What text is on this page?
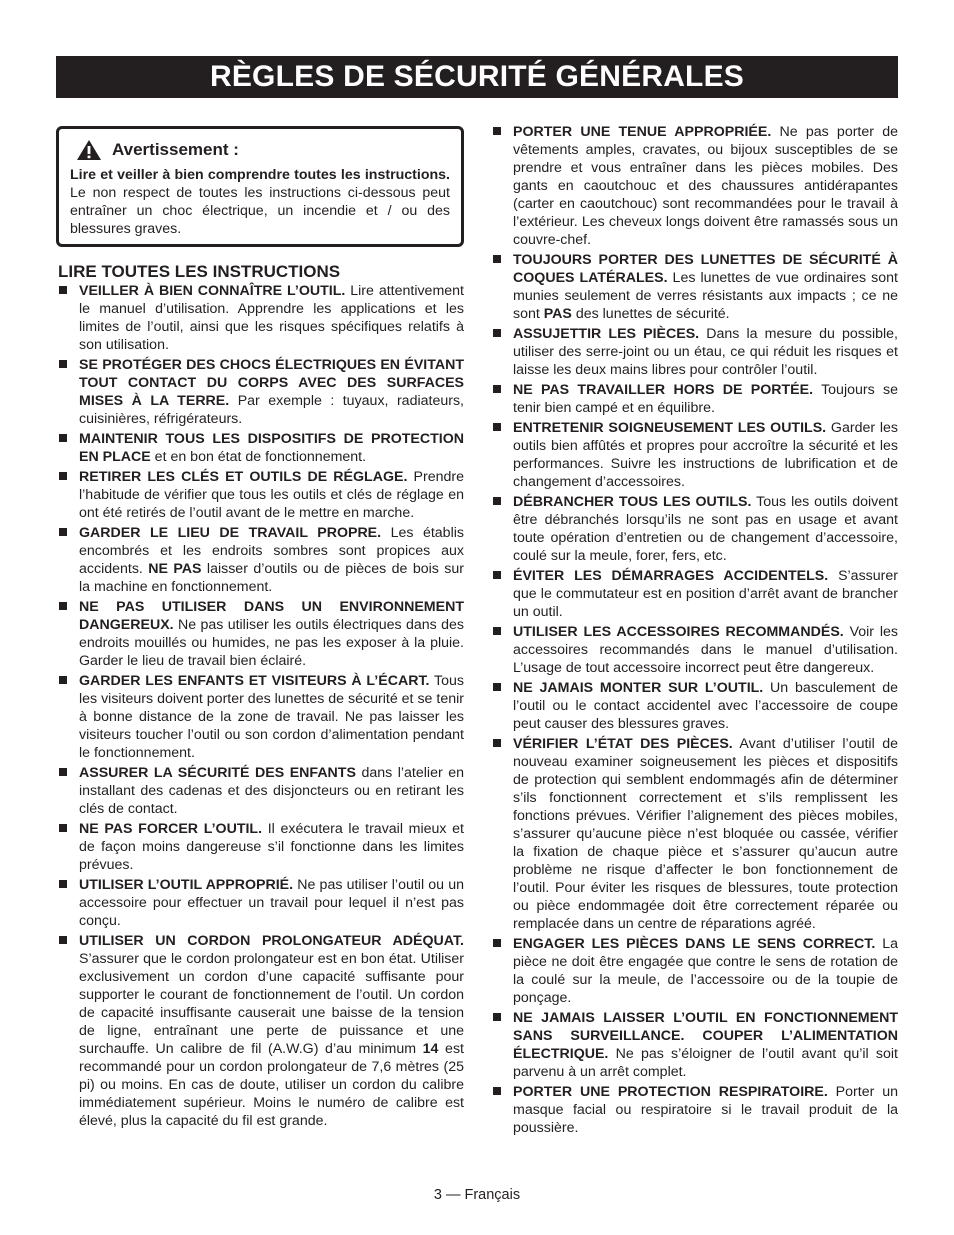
RÈGLES DE SÉCURITÉ GÉNÉRALES
Avertissement :

Lire et veiller à bien comprendre toutes les instructions. Le non respect de toutes les instructions ci-dessous peut entraîner un choc électrique, un incendie et / ou des blessures graves.

LIRE TOUTES LES INSTRUCTIONS
VEILLER À BIEN CONNAÎTRE L’OUTIL. Lire attentivement le manuel d’utilisation. Apprendre les applications et les limites de l’outil, ainsi que les risques spécifiques relatifs à son utilisation.
SE PROTÉGER DES CHOCS ÉLECTRIQUES EN ÉVITANT TOUT CONTACT DU CORPS AVEC DES SURFACES MISES À LA TERRE. Par exemple : tuyaux, radiateurs, cuisinières, réfrigérateurs.
MAINTENIR TOUS LES DISPOSITIFS DE PROTECTION EN PLACE et en bon état de fonctionnement.
RETIRER LES CLÉS ET OUTILS DE RÉGLAGE. Prendre l’habitude de vérifier que tous les outils et clés de réglage en ont été retirés de l’outil avant de le mettre en marche.
GARDER LE LIEU DE TRAVAIL PROPRE. Les établis encombrés et les endroits sombres sont propices aux accidents. NE PAS laisser d’outils ou de pièces de bois sur la machine en fonctionnement.
NE PAS UTILISER DANS UN ENVIRONNEMENT DANGEREUX. Ne pas utiliser les outils électriques dans des endroits mouillés ou humides, ne pas les exposer à la pluie. Garder le lieu de travail bien éclairé.
GARDER LES ENFANTS ET VISITEURS À L’ÉCART. Tous les visiteurs doivent porter des lunettes de sécurité et se tenir à bonne distance de la zone de travail. Ne pas laisser les visiteurs toucher l’outil ou son cordon d’alimentation pendant le fonctionnement.
ASSURER LA SÉCURITÉ DES ENFANTS dans l’atelier en installant des cadenas et des disjoncteurs ou en retirant les clés de contact.
NE PAS FORCER L’OUTIL. Il exécutera le travail mieux et de façon moins dangereuse s’il fonctionne dans les limites prévues.
UTILISER L’OUTIL APPROPRIÉ. Ne pas utiliser l’outil ou un accessoire pour effectuer un travail pour lequel il n’est pas conçu.
UTILISER UN CORDON PROLONGATEUR ADÉQUAT. S’assurer que le cordon prolongateur est en bon état. Utiliser exclusivement un cordon d’une capacité suffisante pour supporter le courant de fonctionnement de l’outil. Un cordon de capacité insuffisante causerait une baisse de la tension de ligne, entraînant une perte de puissance et une surchauffe. Un calibre de fil (A.W.G) d’au minimum 14 est recommandé pour un cordon prolongateur de 7,6 mètres (25 pi) ou moins. En cas de doute, utiliser un cordon du calibre immédiatement supérieur. Moins le numéro de calibre est élevé, plus la capacité du fil est grande.
PORTER UNE TENUE APPROPRIÉE. Ne pas porter de vêtements amples, cravates, ou bijoux susceptibles de se prendre et vous entraîner dans les pièces mobiles. Des gants en caoutchouc et des chaussures antidérapantes (carter en caoutchouc) sont recommandées pour le travail à l’extérieur. Les cheveux longs doivent être ramassés sous un couvre-chef.
TOUJOURS PORTER DES LUNETTES DE SÉCURITÉ À COQUES LATÉRALES. Les lunettes de vue ordinaires sont munies seulement de verres résistants aux impacts ; ce ne sont PAS des lunettes de sécurité.
ASSUJETTIR LES PIÈCES. Dans la mesure du possible, utiliser des serre-joint ou un étau, ce qui réduit les risques et laisse les deux mains libres pour contrôler l’outil.
NE PAS TRAVAILLER HORS DE PORTÉE. Toujours se tenir bien campé et en équilibre.
ENTRETENIR SOIGNEUSEMENT LES OUTILS. Garder les outils bien affûtés et propres pour accroître la sécurité et les performances. Suivre les instructions de lubrification et de changement d’accessoires.
DÉBRANCHER TOUS LES OUTILS. Tous les outils doivent être débranchés lorsqu’ils ne sont pas en usage et avant toute opération d’entretien ou de changement d’accessoire, coulé sur la meule, forer, fers, etc.
ÉVITER LES DÉMARRAGES ACCIDENTELS. S’assurer que le commutateur est en position d’arrêt avant de brancher un outil.
UTILISER LES ACCESSOIRES RECOMMANDÉS. Voir les accessoires recommandés dans le manuel d’utilisation. L’usage de tout accessoire incorrect peut être dangereux.
NE JAMAIS MONTER SUR L’OUTIL. Un basculement de l’outil ou le contact accidentel avec l’accessoire de coupe peut causer des blessures graves.
VÉRIFIER L’ÉTAT DES PIÈCES. Avant d’utiliser l’outil de nouveau examiner soigneusement les pièces et dispositifs de protection qui semblent endommagés afin de déterminer s’ils fonctionnent correctement et s’ils remplissent les fonctions prévues. Vérifier l’alignement des pièces mobiles, s’assurer qu’aucune pièce n’est bloquée ou cassée, vérifier la fixation de chaque pièce et s’assurer qu’aucun autre problème ne risque d’affecter le bon fonctionnement de l’outil. Pour éviter les risques de blessures, toute protection ou pièce endommagée doit être correctement réparée ou remplacée dans un centre de réparations agréé.
ENGAGER LES PIÈCES DANS LE SENS CORRECT. La pièce ne doit être engagée que contre le sens de rotation de la coulé sur la meule, de l’accessoire ou de la toupie de ponçage.
NE JAMAIS LAISSER L’OUTIL EN FONCTIONNEMENT SANS SURVEILLANCE. COUPER L’ALIMENTATION ÉLECTRIQUE. Ne pas s’éloigner de l’outil avant qu’il soit parvenu à un arrêt complet.
PORTER UNE PROTECTION RESPIRATOIRE. Porter un masque facial ou respiratoire si le travail produit de la poussière.
3 — Français
